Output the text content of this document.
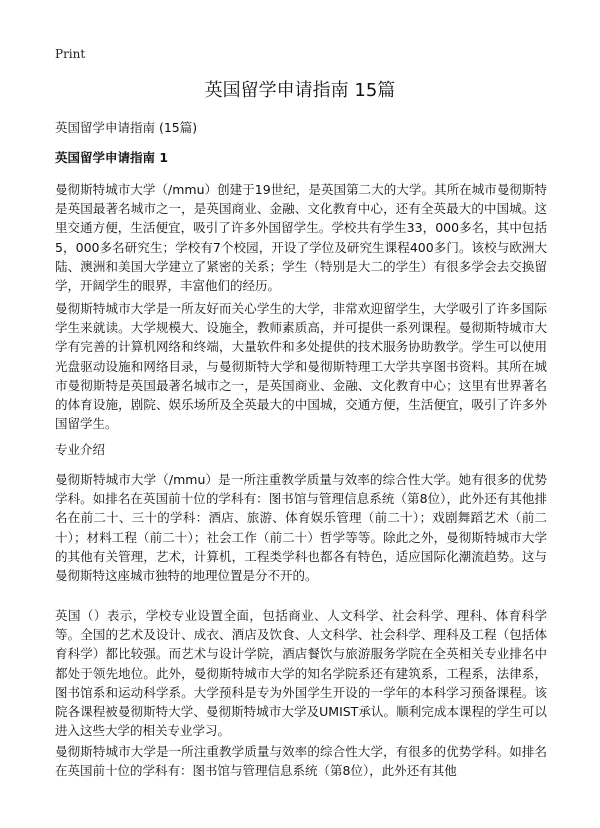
Print
英国留学申请指南 15篇
英国留学申请指南 (15篇)
英国留学申请指南 1

曼彻斯特城市大学（/mmu）创建于19世纪，是英国第二大的大学。其所在城市曼彻斯特是英国最著名城市之一，是英国商业、金融、文化教育中心，还有全英最大的中国城。这里交通方便，生活便宜，吸引了许多外国留学生。学校共有学生33，000多名，其中包括5，000多名研究生；学校有7个校园，开设了学位及研究生课程400多门。该校与欧洲大陆、澳洲和美国大学建立了紧密的关系；学生（特别是大二的学生）有很多学会去交换留学，开阔学生的眼界，丰富他们的经历。

曼彻斯特城市大学是一所友好而关心学生的大学，非常欢迎留学生，大学吸引了许多国际学生来就读。大学规模大、设施全，教师素质高，并可提供一系列课程。曼彻斯特城市大学有完善的计算机网络和终端，大量软件和多处提供的技术服务协助教学。学生可以使用光盘驱动设施和网络目录，与曼彻斯特大学和曼彻斯特理工大学共享图书资料。其所在城市曼彻斯特是英国最著名城市之一，是英国商业、金融、文化教育中心；这里有世界著名的体育设施，剧院、娱乐场所及全英最大的中国城，交通方便，生活便宜，吸引了许多外国留学生。

专业介绍

曼彻斯特城市大学（/mmu）是一所注重教学质量与效率的综合性大学。她有很多的优势学科。如排名在英国前十位的学科有：图书馆与管理信息系统（第8位），此外还有其他排名在前二十、三十的学科：酒店、旅游、体育娱乐管理（前二十）；戏剧舞蹈艺术（前二十）；材料工程（前二十）；社会工作（前二十）哲学等等。除此之外，曼彻斯特城市大学的其他有关管理，艺术，计算机，工程类学科也都各有特色，适应国际化潮流趋势。这与曼彻斯特这座城市独特的地理位置是分不开的。

英国（）表示，学校专业设置全面，包括商业、人文科学、社会科学、理科、体育科学等。全国的艺术及设计、成衣、酒店及饮食、人文科学、社会科学、理科及工程（包括体育科学）都比较强。而艺术与设计学院，酒店餐饮与旅游服务学院在全英相关专业排名中都处于领先地位。此外，曼彻斯特城市大学的知名学院系还有建筑系，工程系，法律系，图书馆系和运动科学系。大学预科是专为外国学生开设的一学年的本科学习预备课程。该院各课程被曼彻斯特大学、曼彻斯特城市大学及UMIST承认。顺利完成本课程的学生可以进入这些大学的相关专业学习。

曼彻斯特城市大学是一所注重教学质量与效率的综合性大学，有很多的优势学科。如排名在英国前十位的学科有：图书馆与管理信息系统（第8位），此外还有其他
